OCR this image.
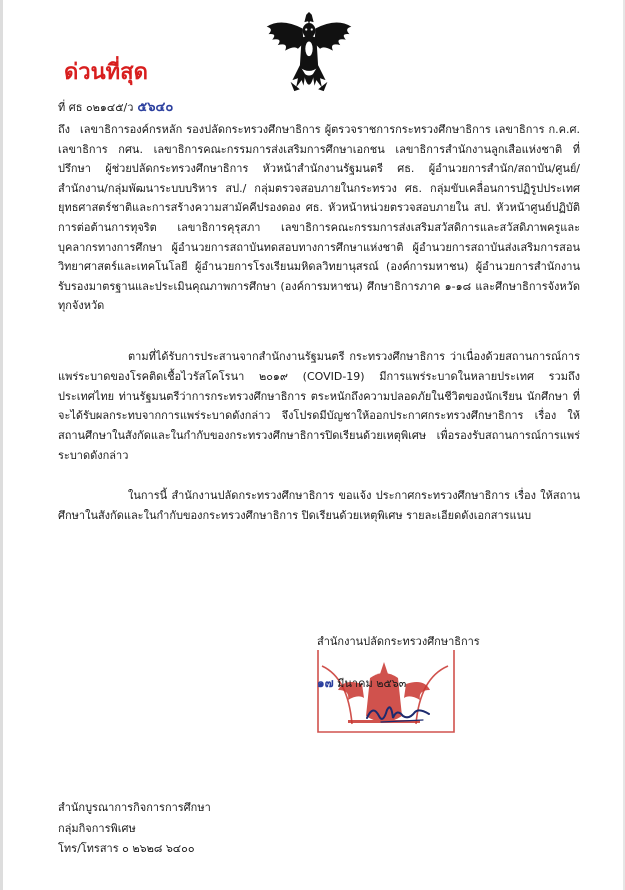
ด่วนที่สุด
ที่ ศธ ๐๒๑๔๕/ว ๕๖๔๐
ถึง เลขาธิการองค์กรหลัก รองปลัดกระทรวงศึกษาธิการ ผู้ตรวจราชการกระทรวงศึกษาธิการ เลขาธิการ ก.ค.ศ. เลขาธิการ กศน. เลขาธิการคณะกรรมการส่งเสริมการศึกษาเอกชน เลขาธิการสำนักงานลูกเสือแห่งชาติ ที่ปรึกษา ผู้ช่วยปลัดกระทรวงศึกษาธิการ หัวหน้าสำนักงานรัฐมนตรี ศธ. ผู้อำนวยการสำนัก/สถาบัน/ศูนย์/สำนักงาน/กลุ่มพัฒนาระบบบริหาร สป./ กลุ่มตรวจสอบภายในกระทรวง ศธ. กลุ่มขับเคลื่อนการปฏิรูปประเทศยุทธศาสตร์ชาติและการสร้างความสามัคคีปรองดอง ศธ. หัวหน้าหน่วยตรวจสอบภายใน สป. หัวหน้าศูนย์ปฏิบัติการต่อต้านการทุจริต เลขาธิการคุรุสภา เลขาธิการคณะกรรมการส่งเสริมสวัสดิการและสวัสดิภาพครูและบุคลากรทางการศึกษา ผู้อำนวยการสถาบันทดสอบทางการศึกษาแห่งชาติ ผู้อำนวยการสถาบันส่งเสริมการสอนวิทยาศาสตร์และเทคโนโลยี ผู้อำนวยการโรงเรียนมหิดลวิทยานุสรณ์ (องค์การมหาชน) ผู้อำนวยการสำนักงานรับรองมาตรฐานและประเมินคุณภาพการศึกษา (องค์การมหาชน) ศึกษาธิการภาค ๑-๑๘ และศึกษาธิการจังหวัดทุกจังหวัด
ตามที่ได้รับการประสานจากสำนักงานรัฐมนตรี กระทรวงศึกษาธิการ ว่าเนื่องด้วยสถานการณ์การแพร่ระบาดของโรคติดเชื้อไวรัสโคโรนา ๒๐๑๙ (COVID-19) มีการแพร่ระบาดในหลายประเทศ รวมถึงประเทศไทย ท่านรัฐมนตรีว่าการกระทรวงศึกษาธิการ ตระหนักถึงความปลอดภัยในชีวิตของนักเรียน นักศึกษา ที่จะได้รับผลกระทบจากการแพร่ระบาดดังกล่าว จึงโปรดมีบัญชาให้ออกประกาศกระทรวงศึกษาธิการ เรื่อง ให้สถานศึกษาในสังกัดและในกำกับของกระทรวงศึกษาธิการปิดเรียนด้วยเหตุพิเศษ เพื่อรองรับสถานการณ์การแพร่ระบาดดังกล่าว
ในการนี้ สำนักงานปลัดกระทรวงศึกษาธิการ ขอแจ้ง ประกาศกระทรวงศึกษาธิการ เรื่อง ให้สถานศึกษาในสังกัดและในกำกับของกระทรวงศึกษาธิการ ปิดเรียนด้วยเหตุพิเศษ รายละเอียดดังเอกสารแนบ
สำนักงานปลัดกระทรวงศึกษาธิการ
๑๗ มีนาคม ๒๕๖๓
สำนักบูรณาการกิจการการศึกษา
กลุ่มกิจการพิเศษ
โทร/โทรสาร ๐ ๒๖๒๘ ๖๔๐๐
